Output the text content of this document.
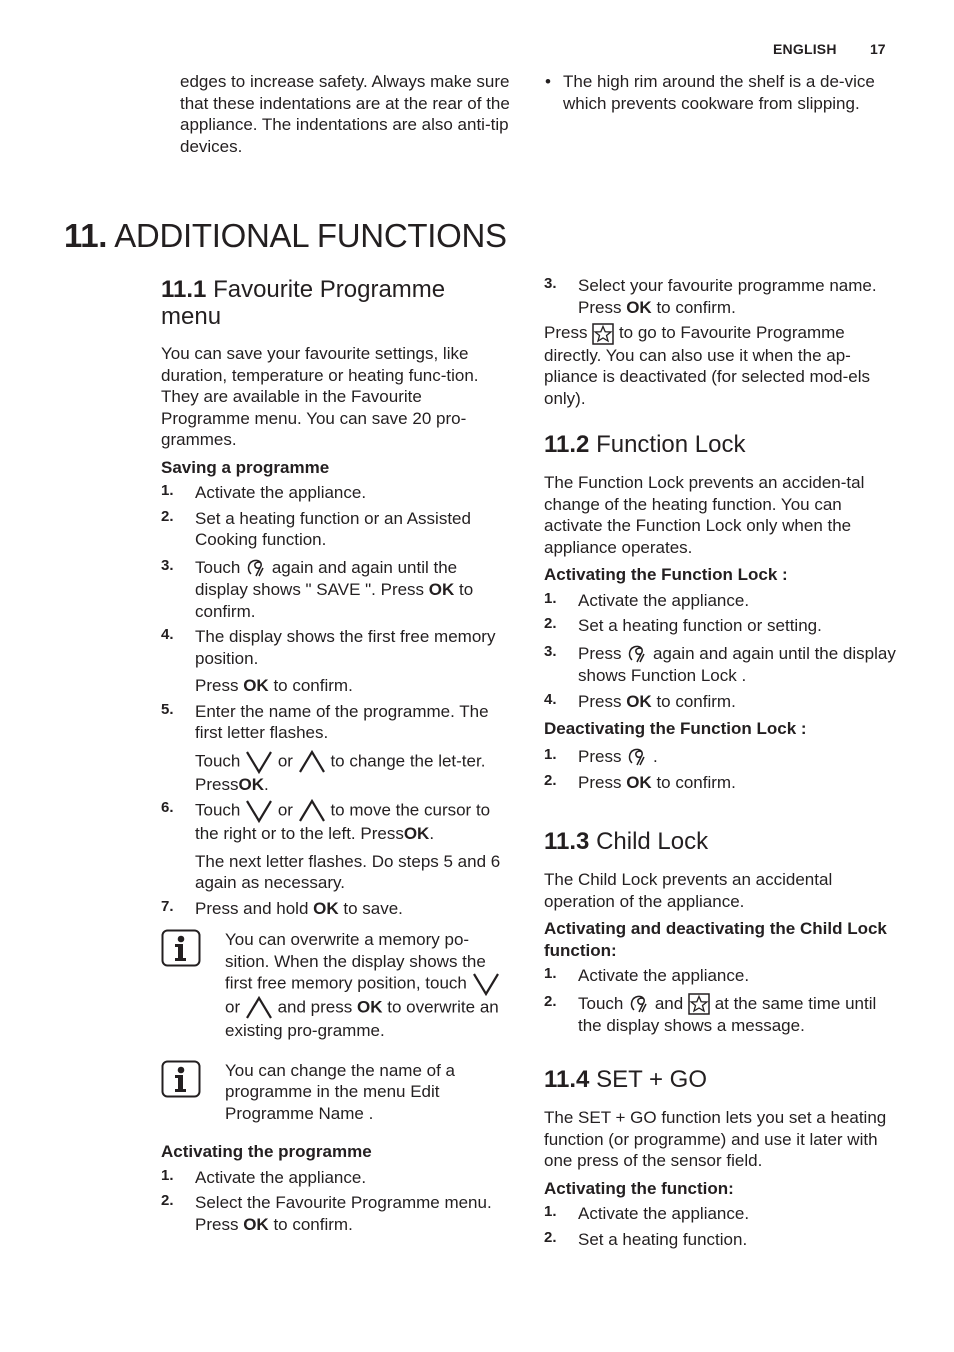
ENGLISH 17

edges to increase safety. Always make sure that these indentations are at the rear of the appliance. The indentations are also anti-tip devices.

• The high rim around the shelf is a de-vice which prevents cookware from slipping.
11. ADDITIONAL FUNCTIONS
11.1 Favourite Programme menu

You can save your favourite settings, like duration, temperature or heating func-tion. They are available in the Favourite Programme menu. You can save 20 pro-grammes.

Saving a programme

1. Activate the appliance.
2. Set a heating function or an Assisted Cooking function.
3. Touch again and again until the display shows " SAVE ". Press OK to confirm.
4. The display shows the first free memory position.

Press OK to confirm.

5. Enter the name of the programme. The first letter flashes.

Touch or to change the let-ter. PressOK.

6. Touch or to move the cursor to the right or to the left. PressOK.

The next letter flashes. Do steps 5 and 6 again as necessary.

7. Press and hold OK to save.
You can overwrite a memory po-sition. When the display shows the first free memory position, touch  or and press OK to overwrite an existing pro-gramme.
You can change the name of a programme in the menu Edit Programme Name .

Activating the programme

1. Activate the appliance.
2. Select the Favourite Programme menu. Press OK to confirm.
3. Select your favourite programme name. Press OK to confirm.

Press to go to Favourite Programme directly. You can also use it when the ap-pliance is deactivated (for selected mod-els only).

11.2 Function Lock

The Function Lock prevents an acciden-tal change of the heating function. You can activate the Function Lock only when the appliance operates.

Activating the Function Lock :

1. Activate the appliance.
2. Set a heating function or setting.
3. Press again and again until the display shows Function Lock .
4. Press OK to confirm.

Deactivating the Function Lock :

1. Press .
2. Press OK to confirm.
11.3 Child Lock

The Child Lock prevents an accidental operation of the appliance.

Activating and deactivating the Child Lock function:

1. Activate the appliance.
2. Touch and at the same time until the display shows a message.
11.4 SET + GO

The SET + GO function lets you set a heating function (or programme) and use it later with one press of the sensor field.

Activating the function:

1. Activate the appliance.
2. Set a heating function.
